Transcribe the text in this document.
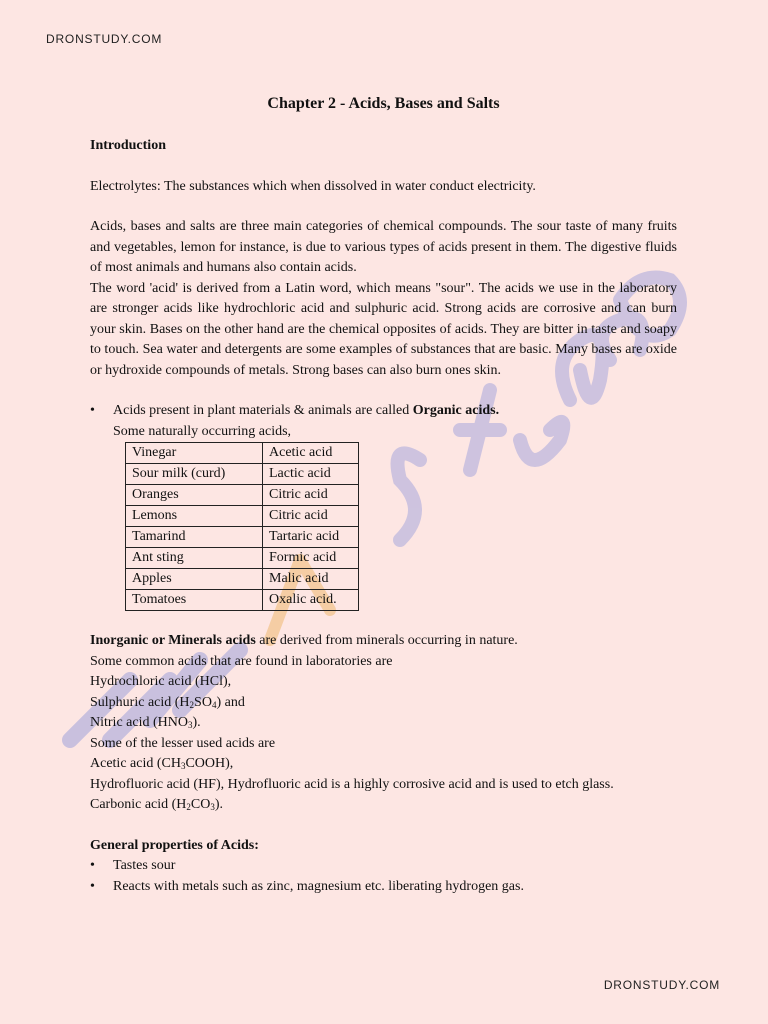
DRONSTUDY.COM
Chapter 2 - Acids, Bases and Salts

Introduction

Electrolytes: The substances which when dissolved in water conduct electricity.

Acids, bases and salts are three main categories of chemical compounds. The sour taste of many fruits and vegetables, lemon for instance, is due to various types of acids present in them. The digestive fluids of most animals and humans also contain acids.

The word 'acid' is derived from a Latin word, which means "sour". The acids we use in the laboratory are stronger acids like hydrochloric acid and sulphuric acid. Strong acids are corrosive and can burn your skin. Bases on the other hand are the chemical opposites of acids. They are bitter in taste and soapy to touch. Sea water and detergents are some examples of substances that are basic. Many bases are oxide or hydroxide compounds of metals. Strong bases can also burn ones skin.

• Acids present in plant materials & animals are called Organic acids.
Some naturally occurring acids,
Vinegar	Acetic acid
Sour milk (curd)	Lactic acid
Oranges	Citric acid
Lemons	Citric acid
Tamarind	Tartaric acid
Ant sting	Formic acid
Apples	Malic acid
Tomatoes	Oxalic acid.

Inorganic or Minerals acids are derived from minerals occurring in nature.

Some common acids that are found in laboratories are

Hydrochloric acid (HCl),

Sulphuric acid $(H_2SO_4)$ and

Nitric acid $(HNO_3)$.

Some of the lesser used acids are

Acetic acid $(CH_3COOH)$,

Hydrofluoric acid (HF), Hydrofluoric acid is a highly corrosive acid and is used to etch glass.

Carbonic acid $(H_2CO_3)$.

General properties of Acids:

• Tastes sour
• Reacts with metals such as zinc, magnesium etc. liberating hydrogen gas.
DRONSTUDY.COM
